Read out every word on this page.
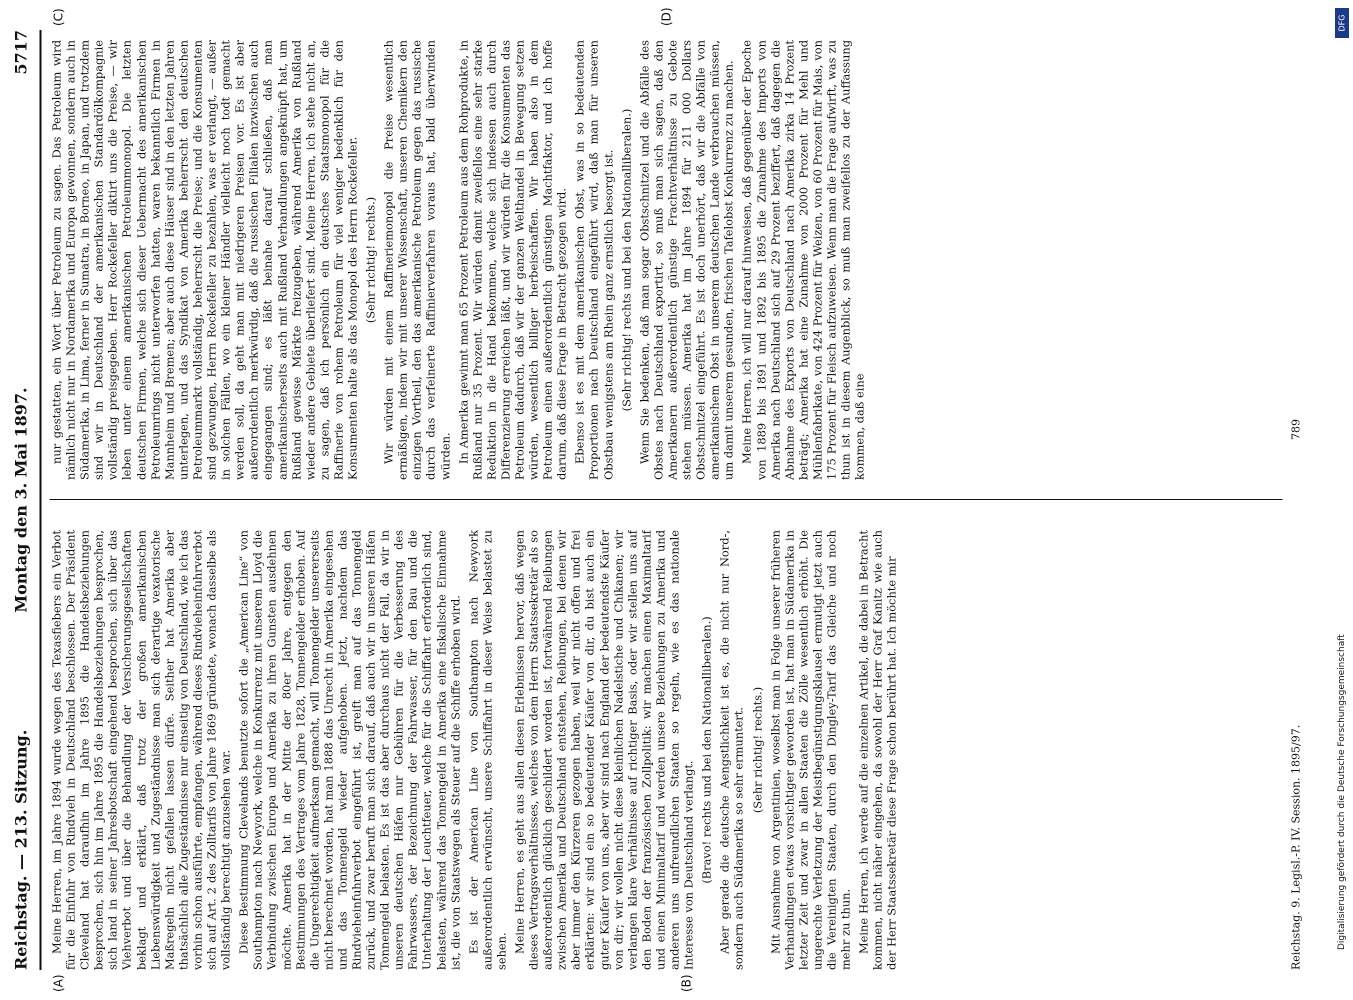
Reichstag. — 213. Sitzung.
Montag den 3. Mai 1897.
5717
(A)	(B)
(C)	(D)

Meine Herren, im Jahre 1894 wurde wegen des Texasfiebers ein Verbot für die Einfuhr von Rindvieh in Deutschland beschlossen. Der Präsident Cleveland hat daraufhin im Jahre 1895 die Handelsbeziehungen besprochen, sich hin im Jahre 1895 die Handelsbeziehungen besprochen, sich land in seiner Jahresbotschaft eingehend besprochen, sich über das Viehverbot und über die Behandlung der Versicherungsgesellschaften beklagt und erklärt, daß trotz der großen amerikanischen Liebenswürdigkeit und Zugeständnisse man sich derartige vexatorische Maßregeln nicht gefallen lassen dürfe. Seither hat Amerika aber thatsächlich alle Zugeständnisse nur einseitig von Deutschland, wie ich das vorhin schon ausführte, empfangen, während dieses Rindvieheinfuhrverbot sich auf Art. 2 des Zolltarifs von Jahre 1869 gründete, wonach dasselbe als vollständig berechtigt anzusehen war. Diese Bestimmung Clevelands benutzte sofort die „American Line“ von Southampton nach Newyork, welche in Konkurrenz mit unserem Lloyd die Verbindung zwischen Europa und Amerika zu ihren Gunsten ausdehnen möchte. Amerika hat in der Mitte der 80er Jahre, entgegen den Bestimmungen des Vertrages vom Jahre 1828, Tonnengelder erhoben. Auf die Ungerechtigkeit aufmerksam gemacht, will Tonnengelder unsererseits nicht berechnet worden, hat man 1888 das Unrecht in Amerika eingesehen und das Tonnengeld wieder aufgehoben. Jetzt, nachdem das Rindvieheinfuhrverbot eingeführt ist, greift man auf das Tonnengeld zurück, und zwar beruft man sich darauf, daß auch wir in unseren Häfen Tonnengeld belasten. Es ist das aber durchaus nicht der Fall, da wir in unseren deutschen Häfen nur Gebühren für die Verbesserung des Fahrwassers, der Bezeichnung der Fahrwasser, für den Bau und die Unterhaltung der Leuchtfeuer, welche für die Schiffahrt erforderlich sind, belasten, während das Tonnengeld in Amerika eine fiskalische Einnahme ist, die von Staatswegen als Steuer auf die Schiffe erhoben wird. Es ist der American Line von Southampton nach Newyork außerordentlich erwünscht, unsere Schiffahrt in dieser Weise belastet zu sehen. Meine Herren, es geht aus allen diesen Erlebnissen hervor, daß wegen dieses Vertragsverhältnisses, welches von dem Herrn Staatssekretär als so außerordentlich glücklich geschildert worden ist, fortwährend Reibungen zwischen Amerika und Deutschland entstehen, Reibungen, bei denen wir aber immer den Kürzeren gezogen haben, weil wir nicht offen und frei erklärten: wir sind ein so bedeutender Käufer von dir, du bist auch ein guter Käufer von uns, aber wir sind nach England der bedeutendste Käufer von dir; wir wollen nicht diese kleinlichen Nadelstiche und Chikanen; wir verlangen klare Verhältnisse auf richtiger Basis, oder wir stellen uns auf den Boden der französischen Zollpolitik: wir machen einen Maximaltarif und einen Minimaltarif und werden unsere Beziehungen zu Amerika und anderen uns unfreundlichen Staaten so regeln, wie es das nationale Interesse von Deutschland verlangt. (Bravo! rechts und bei den Nationalliberalen.) Aber gerade die deutsche Aengstlichkeit ist es, die nicht nur Nord-, sondern auch Südamerika so sehr ermuntert. (Sehr richtig! rechts.) Mit Ausnahme von Argentinien, woselbst man in Folge unserer früheren Verhandlungen etwas vorsichtiger geworden ist, hat man in Südamerika in letzter Zeit und zwar in allen Staaten die Zölle wesentlich erhöht. Die ungerechte Verletzung der Meistbegünstigungsklausel ermutigt jetzt auch die Vereinigten Staaten, durch den Dingley-Tarif das Gleiche und noch mehr zu thun. Meine Herren, ich werde auf die einzelnen Artikel, die dabei in Betracht kommen, nicht näher eingehen, da sowohl der Herr Graf Kanitz wie auch der Herr Staatssekretär diese Frage schon berührt hat. Ich möchte mir

nur gestatten, ein Wort über Petroleum zu sagen. Das Petroleum wird nämlich nicht nur in Nordamerika und Europa gewonnen, sondern auch in Südamerika, in Lima, ferner in Sumatra, in Borneo, in Japan, und trotzdem sind wir in Deutschland der amerikanischen Standardölkompagnie vollständig preisgegeben. Herr Rockefeller diktirt uns die Preise, — wir leben unter einem amerikanischen Petroleummonopol. Die letzten deutschen Firmen, welche sich dieser Uebermacht des amerikanischen Petroleumrings nicht unterworfen hatten, waren bekanntlich Firmen in Mannheim und Bremen; aber auch diese Häuser sind in den letzten Jahren unterlegen, und das Syndikat von Amerika beherrscht den deutschen Petroleummarkt vollständig, beherrscht die Preise; und die Konsumenten sind gezwungen, Herrn Rockefeller zu bezahlen, was er verlangt, — außer in solchen Fällen, wo ein kleiner Händler vielleicht noch todt gemacht werden soll, da geht man mit niedrigeren Preisen vor. Es ist aber außerordentlich merkwürdig, daß die russischen Filialen inzwischen auch eingegangen sind; es läßt beinahe darauf schließen, daß man amerikanischerseits auch mit Rußland Verhandlungen angeknüpft hat, um Rußland gewisse Märkte freizugeben, während Amerika von Rußland wieder andere Gebiete überliefert sind. Meine Herren, ich stehe nicht an, zu sagen, daß ich persönlich ein deutsches Staatsmonopol für die Raffinerie von rohem Petroleum für viel weniger bedenklich für den Konsumenten halte als das Monopol des Herrn Rockefeller. (Sehr richtig! rechts.) Wir würden mit einem Raffineriemonopol die Preise wesentlich ermäßigen, indem wir mit unserer Wissenschaft, unseren Chemikern den einzigen Vortheil, den das amerikanische Petroleum gegen das russische durch das verfeinerte Raffinierverfahren voraus hat, bald überwinden würden. In Amerika gewinnt man 65 Prozent Petroleum aus dem Rohprodukte, in Rußland nur 35 Prozent. Wir würden damit zweifellos eine sehr starke Reduktion in die Hand bekommen, welche sich indessen auch durch Differenzierung erreichen läßt, und wir würden für die Konsumenten das Petroleum dadurch, daß wir der ganzen Welthandel in Bewegung setzen würden, wesentlich billiger herbeischaffen. Wir haben also in dem Petroleum einen außerordentlich günstigen Machtfaktor, und ich hoffe darum, daß diese Frage in Betracht gezogen wird. Ebenso ist es mit dem amerikanischen Obst, was in so bedeutenden Proportionen nach Deutschland eingeführt wird, daß man für unseren Obstbau wenigstens am Rhein ganz ernstlich besorgt ist. (Sehr richtig! rechts und bei den Nationalliberalen.) Wenn Sie bedenken, daß man sogar Obstschnitzel und die Abfälle des Obstes nach Deutschland exportirt, so muß man sich sagen, daß den Amerikanern außerordentlich günstige Frachtverhältnisse zu Gebote stehen müssen. Amerika hat im Jahre 1894 für 211 000 Dollars Obstschnitzel eingeführt. Es ist doch unerhört, daß wir die Abfälle von amerikanischem Obst in unserem deutschen Lande verbrauchen müssen, um damit unserem gesunden, frischen Tafelobst Konkurrenz zu machen. Meine Herren, ich will nur darauf hinweisen, daß gegenüber der Epoche von 1889 bis 1891 und 1892 bis 1895 die Zunahme des Imports von Amerika nach Deutschland sich auf 29 Prozent beziffert, daß dagegen die Abnahme des Exports von Deutschland nach Amerika zirka 14 Prozent beträgt; Amerika hat eine Zunahme von 2000 Prozent für Mehl und Mühlenfabrikate, von 424 Prozent für Weizen, von 60 Prozent für Mais, von 175 Prozent für Fleisch aufzuweisen. Wenn man die Frage aufwirft, was zu thun ist in diesem Augenblick, so muß man zweifellos zu der Auffassung kommen, daß eine

Reichstag. 9. Legisl.-P. IV. Session. 1895/97.
789
Digitalisierung gefördert durch die Deutsche Forschungsgemeinschaft
DFG
